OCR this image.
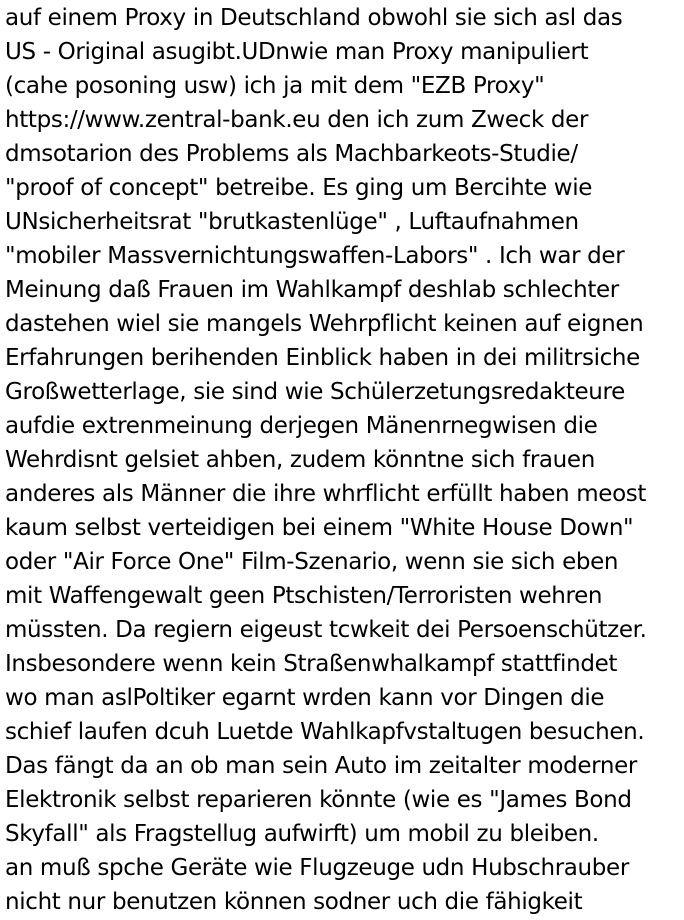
auf einem Proxy in Deutschland obwohl sie sich asl das
US - Original asugibt.UDnwie man Proxy manipuliert
(cahe posoning usw) ich ja mit dem "EZB Proxy"
https://www.zentral-bank.eu den ich zum Zweck der
dmsotarion des Problems als Machbarkeots-Studie/
"proof of concept" betreibe. Es ging um Bercihte wie
UNsicherheitsrat "brutkastenlüge" , Luftaufnahmen
"mobiler Massvernichtungswaffen-Labors" . Ich war der
Meinung daß Frauen im Wahlkampf deshlab schlechter
dastehen wiel sie mangels Wehrpflicht keinen auf eignen
Erfahrungen berihenden Einblick haben in dei militrsiche
Großwetterlage, sie sind wie Schülerzetungsredakteure
aufdie extrenmeinung derjegen Mänenrnegwisen die
Wehrdisnt gelsiet ahben, zudem könntne sich frauen
anderes als Männer die ihre whrflicht erfüllt haben meost
kaum selbst verteidigen bei einem "White House Down"
oder "Air Force One" Film-Szenario, wenn sie sich eben
mit Waffengewalt geen Ptschisten/Terroristen wehren
müssten. Da regiern eigeust tcwkeit dei Persoenschützer.
Insbesondere wenn kein Straßenwhalkampf stattfindet
wo man aslPoltiker egarnt wrden kann vor Dingen die
schief laufen dcuh Luetde Wahlkapfvstaltugen besuchen.
Das fängt da an ob man sein Auto im zeitalter moderner
Elektronik selbst reparieren könnte (wie es "James Bond
Skyfall" als Fragstellug aufwirft) um mobil zu bleiben.
an muß spche Geräte wie Flugzeuge udn Hubschrauber
nicht nur benutzen können sodner uch die fähigkeit
